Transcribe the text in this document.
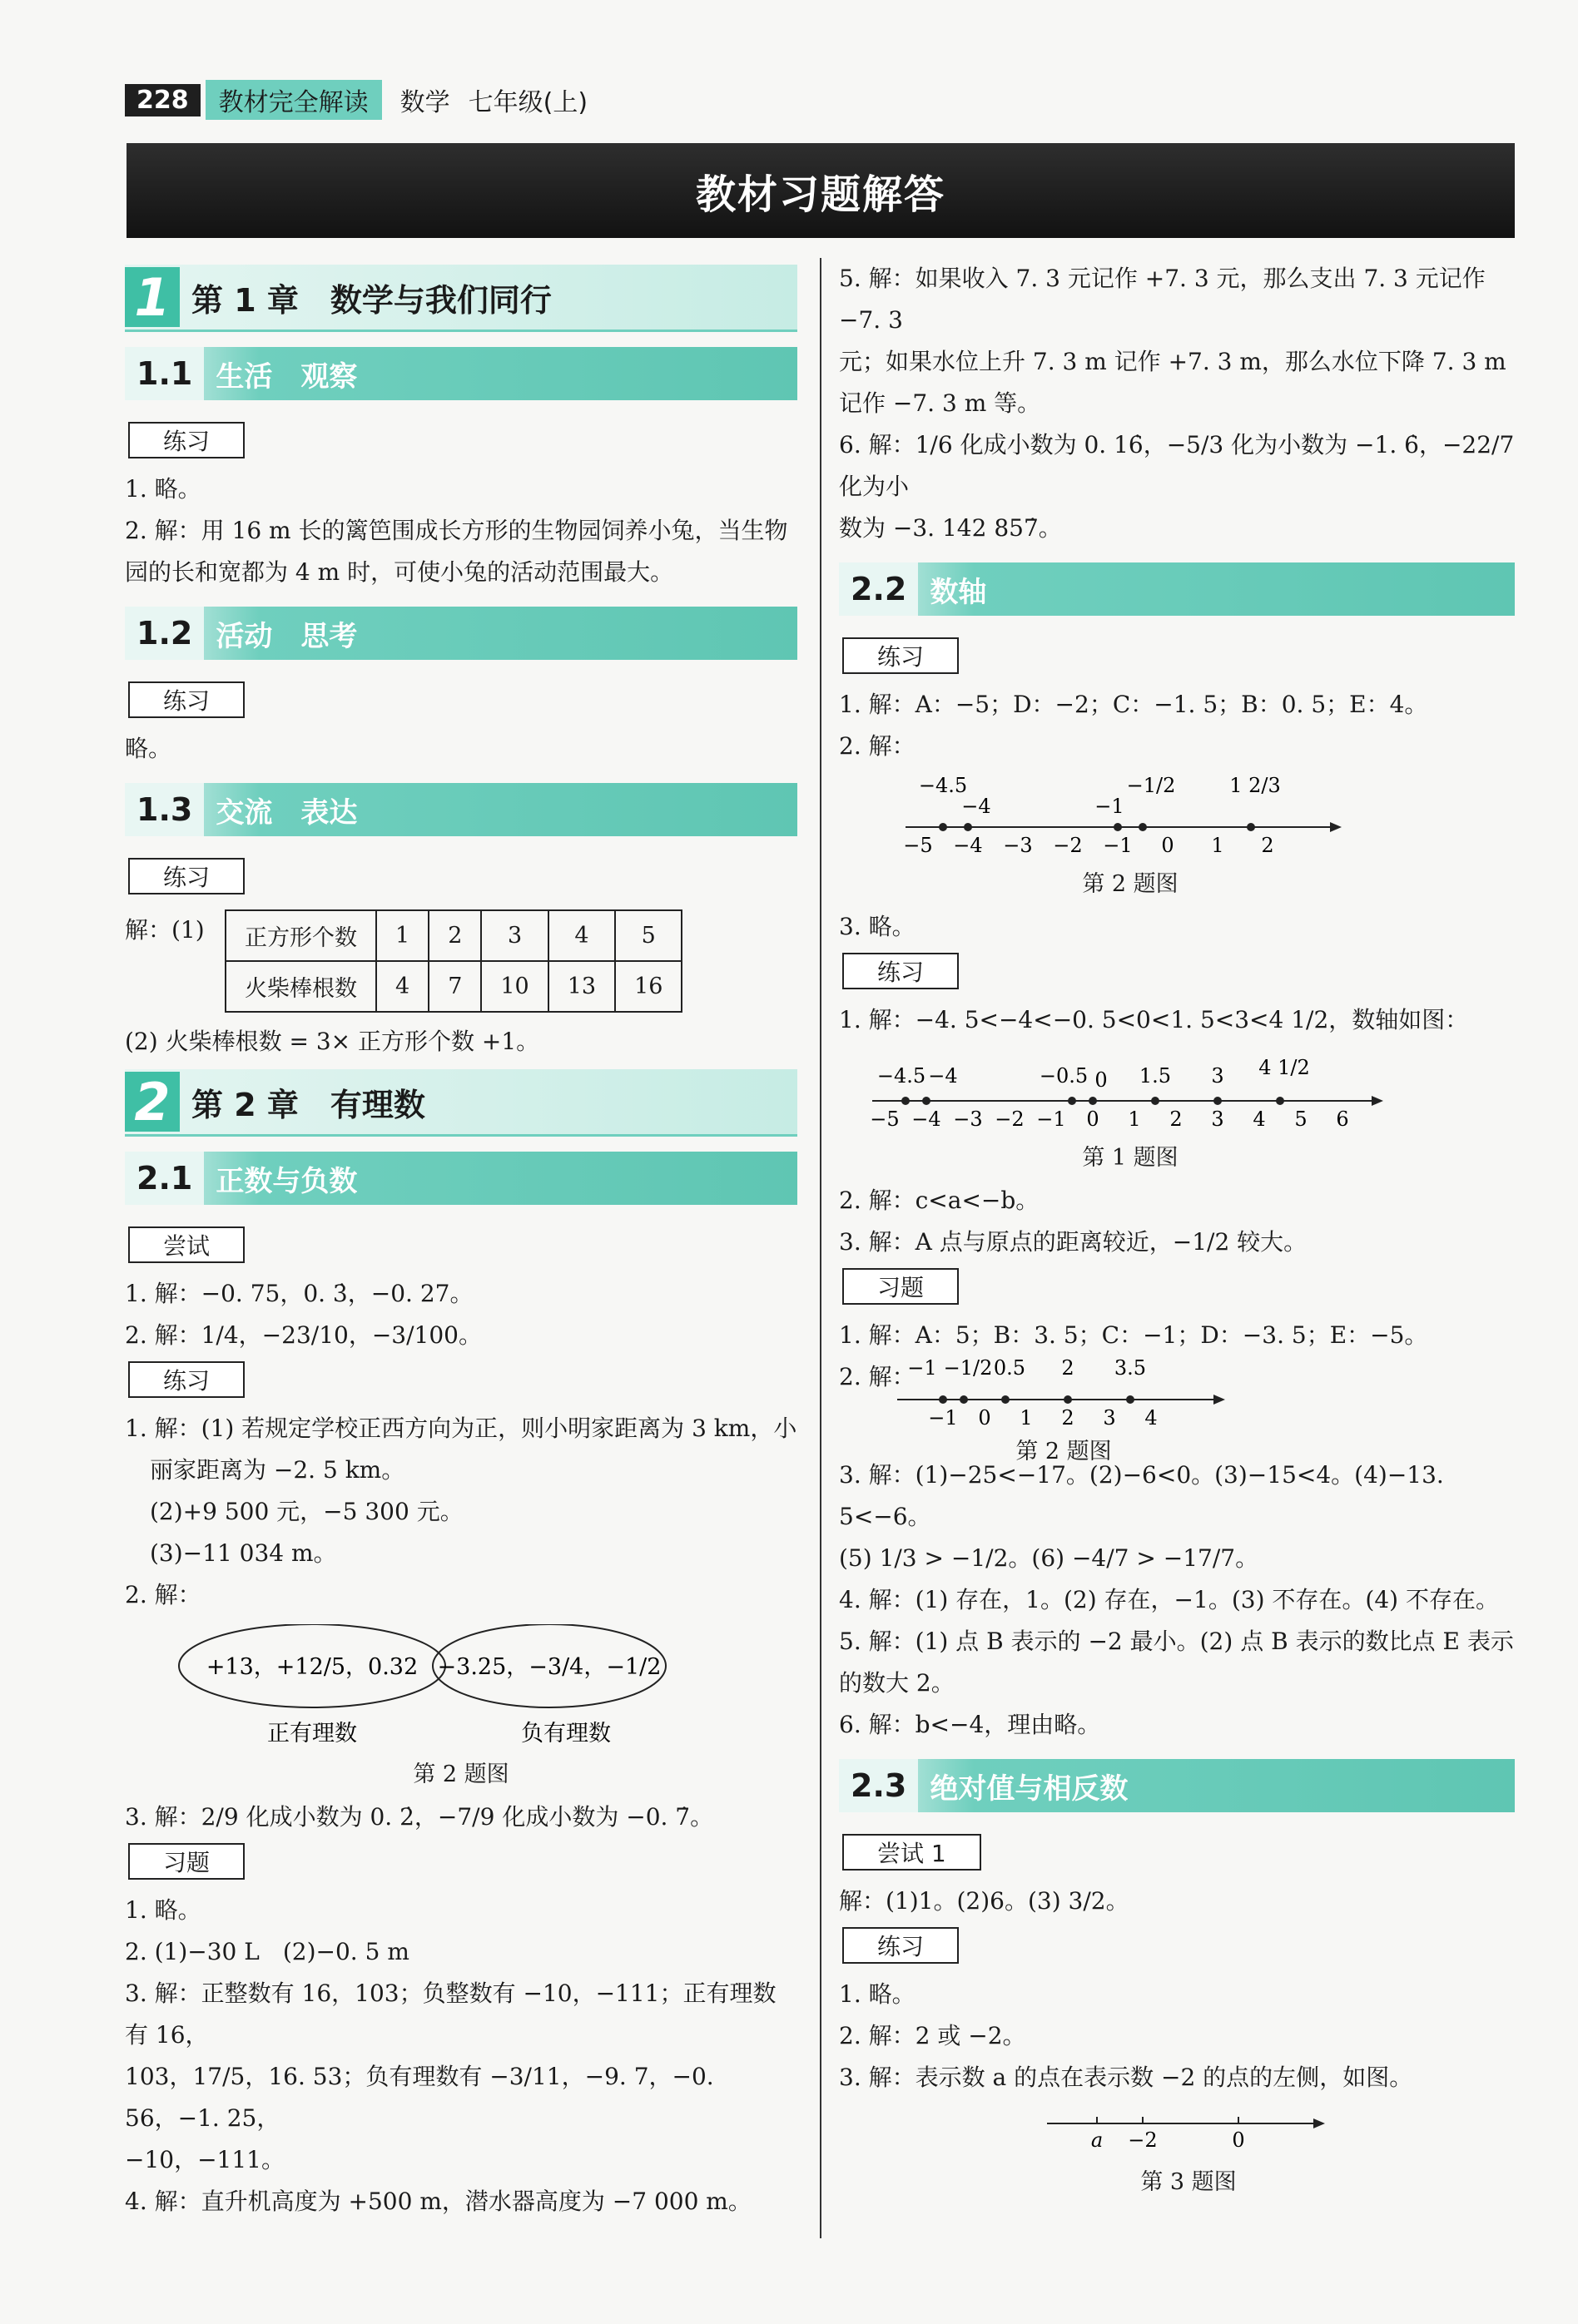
228	教材完全解读	数学 七年级(上)
教材习题解答
1 第 1 章　数学与我们同行
1.1 生活　观察
练习

1. 略。

2. 解：用 16 m 长的篱笆围成长方形的生物园饲养小兔，当生物

园的长和宽都为 4 m 时，可使小兔的活动范围最大。

1.2 活动　思考
练习

略。

1.3 交流　表达
练习

解：(1) 正方形个数	1	2	3	4	5
火柴棒根数	4	7	10	13	16

(2) 火柴棒根数 = 3× 正方形个数 +1。

2 第 2 章　有理数
2.1 正数与负数
尝试

1. 解：−0. 75，0. 3̇，−0. 27。

2. 解：1/4，−23/10，−3/100。

练习

1. 解：(1) 若规定学校正西方向为正，则小明家距离为 3 km，小

丽家距离为 −2. 5 km。

(2)+9 500 元，−5 300 元。

(3)−11 034 m。

2. 解：

+13，+12/5，0.32 −3.25，−3/4，−1/2
正有理数	负有理数
第 2 题图

3. 解：2/9 化成小数为 0. 2̇，−7/9 化成小数为 −0. 7̇。

习题

1. 略。

2. (1)−30 L　(2)−0. 5 m

3. 解：正整数有 16，103；负整数有 −10，−111；正有理数有 16，

103，17/5，16. 53；负有理数有 −3/11，−9. 7，−0. 56，−1. 25，

−10，−111。

4. 解：直升机高度为 +500 m，潜水器高度为 −7 000 m。

5. 解：如果收入 7. 3 元记作 +7. 3 元，那么支出 7. 3 元记作 −7. 3

元；如果水位上升 7. 3 m 记作 +7. 3 m，那么水位下降 7. 3 m

记作 −7. 3 m 等。

6. 解：1/6 化成小数为 0. 16̇，−5/3 化为小数为 −1. 6̇，−22/7 化为小

数为 −3. 142 857̇。

2.2 数轴
练习

1. 解：A：−5；D：−2；C：−1. 5；B：0. 5；E：4。

2. 解：

−5 −4 −3 −2 −1 0 1 2
−4.5
−4	−1
−1/2	1 2/3
第 2 题图

3. 略。

练习

1. 解：−4. 5<−4<−0. 5<0<1. 5<3<4 1/2，数轴如图：

−5 −4 −3 −2 −1 0 1 2 3 4 5 6
−4.5 −4	−0.5 0 1.5 3 4 1/2
第 1 题图

2. 解：c<a<−b。

3. 解：A 点与原点的距离较近，−1/2 较大。

习题

1. 解：A：5；B：3. 5；C：−1；D：−3. 5；E：−5。

2. 解：

−1 0 1 2 3 4
−1 −1/2 0.5 2 3.5
第 2 题图

3. 解：(1)−25<−17。(2)−6<0。(3)−15<4。(4)−13. 5<−6。

(5) 1/3 > −1/2。(6) −4/7 > −17/7。

4. 解：(1) 存在，1。(2) 存在，−1。(3) 不存在。(4) 不存在。

5. 解：(1) 点 B 表示的 −2 最小。(2) 点 B 表示的数比点 E 表示

的数大 2。

6. 解：b<−4，理由略。

2.3 绝对值与相反数
尝试 1

解：(1)1。(2)6。(3) 3/2。

练习

1. 略。

2. 解：2 或 −2。

3. 解：表示数 a 的点在表示数 −2 的点的左侧，如图。

a −2	0
第 3 题图
